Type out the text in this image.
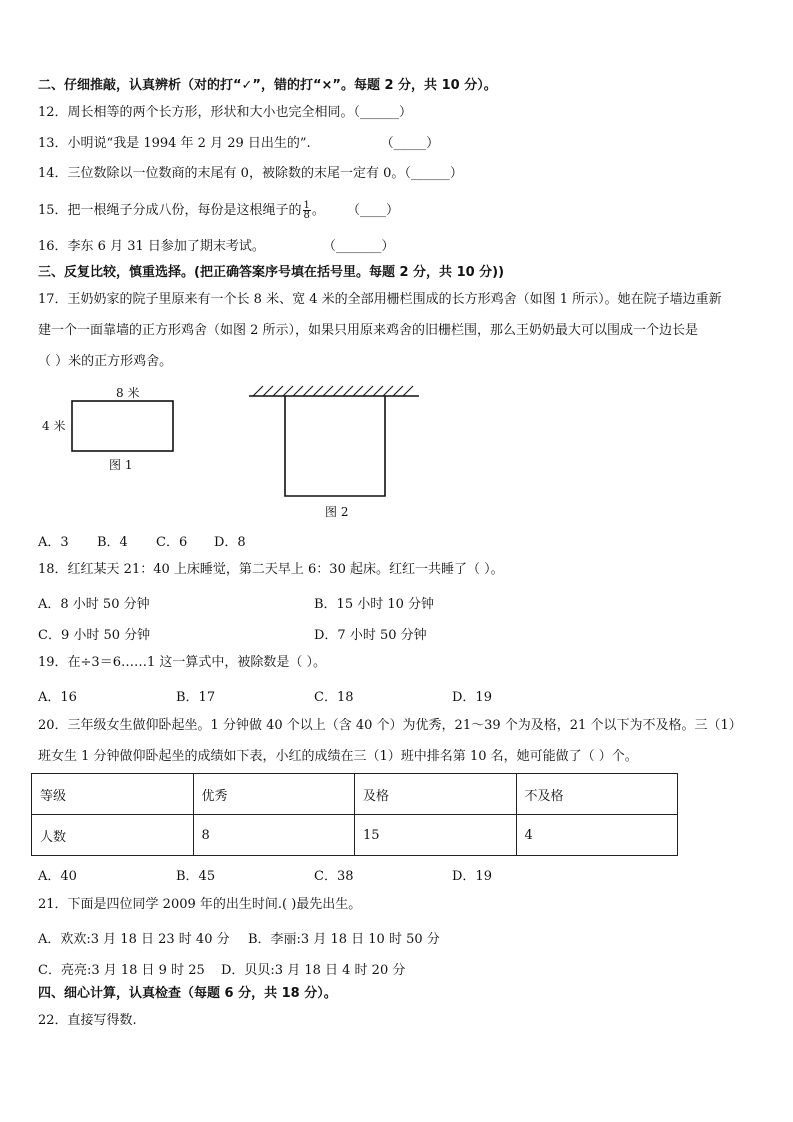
二、仔细推敲，认真辨析（对的打“✓”，错的打“×”。每题 2 分，共 10 分）。
12．周长相等的两个长方形，形状和大小也完全相同。（______）
13．小明说“我是 1994 年 2 月 29 日出生的”.	（_____）
14．三位数除以一位数商的末尾有 0，被除数的末尾一定有 0。（______）
15．把一根绳子分成八份，每份是这根绳子的 $\frac{1}{8}$ 。 （____）
16．李东 6 月 31 日参加了期末考试。	（_______）
三、反复比较，慎重选择。(把正确答案序号填在括号里。每题 2 分，共 10 分))
17．王奶奶家的院子里原来有一个长 8 米、宽 4 米的全部用栅栏围成的长方形鸡舍（如图 1 所示）。她在院子墙边重新
建一个一面靠墙的正方形鸡舍（如图 2 所示），如果只用原来鸡舍的旧栅栏围，那么王奶奶最大可以围成一个边长是
（ ）米的正方形鸡舍。
8 米
4 米
图 1
图 2
A．3 B．4 C．6 D．8
18．红红某天 21：40 上床睡觉，第二天早上 6：30 起床。红红一共睡了（ ）。
A．8 小时 50 分钟	B．15 小时 10 分钟
C．9 小时 50 分钟	D．7 小时 50 分钟
19．在÷3＝6……1 这一算式中，被除数是（ ）。
A．16	B．17	C．18	D．19
20．三年级女生做仰卧起坐。1 分钟做 40 个以上（含 40 个）为优秀，21～39 个为及格，21 个以下为不及格。三（1）
班女生 1 分钟做仰卧起坐的成绩如下表，小红的成绩在三（1）班中排名第 10 名，她可能做了（ ）个。
等级	优秀	及格	不及格
人数	8	15	4
A．40	B．45	C．38	D．19
21．下面是四位同学 2009 年的出生时间.( )最先出生。
A．欢欢:3 月 18 日 23 时 40 分 B．李丽:3 月 18 日 10 时 50 分
C．亮亮:3 月 18 日 9 时 25 D．贝贝:3 月 18 日 4 时 20 分
四、细心计算，认真检查（每题 6 分，共 18 分）。
22．直接写得数.
